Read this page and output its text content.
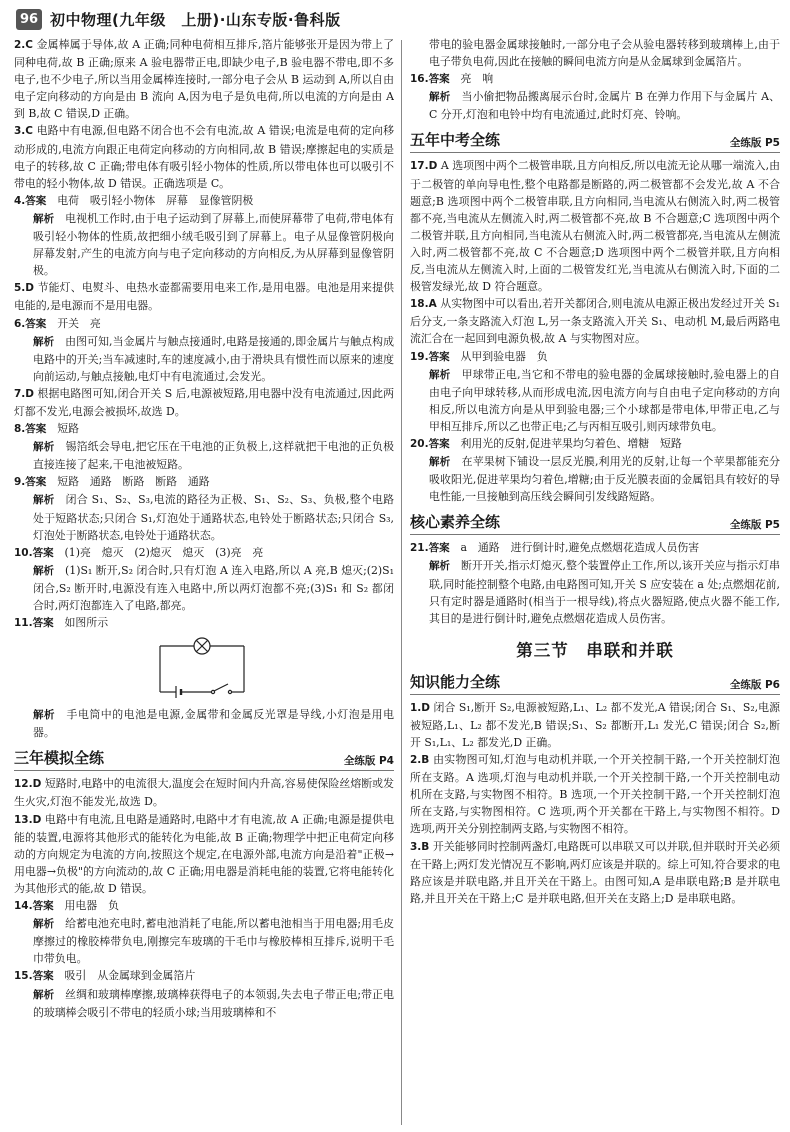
96 初中物理(九年级　上册)·山东专版·鲁科版

2.C 金属棒属于导体,故 A 正确;同种电荷相互排斥,箔片能够张开是因为带上了同种电荷,故 B 正确;原来 A 验电器带正电,即缺少电子,B 验电器不带电,即不多电子,也不少电子,所以当用金属棒连接时,一部分电子会从 B 运动到 A,所以自由电子定向移动的方向是由 B 流向 A,因为电子是负电荷,所以电流的方向是由 A 到 B,故 C 错误,D 正确。

3.C 电路中有电源,但电路不闭合也不会有电流,故 A 错误;电流是电荷的定向移动形成的,电流方向跟正电荷定向移动的方向相同,故 B 错误;摩擦起电的实质是电子的转移,故 C 正确;带电体有吸引轻小物体的性质,所以带电体也可以吸引不带电的轻小物体,故 D 错误。正确选项是 C。

4.答案　 电荷　吸引轻小物体　屏幕　显像管阴极

解析　 电视机工作时,由于电子运动到了屏幕上,而使屏幕带了电荷,带电体有吸引轻小物体的性质,故把细小绒毛吸引到了屏幕上。电子从显像管阴极向屏幕发射,产生的电流方向与电子定向移动的方向相反,为从屏幕到显像管阴极。

5.D 节能灯、电熨斗、电热水壶都需要用电来工作,是用电器。电池是用来提供电能的,是电源而不是用电器。

6.答案　 开关　亮

解析　 由图可知,当金属片与触点接通时,电路是接通的,即金属片与触点构成电路中的开关;当车减速时,车的速度减小,由于滑块具有惯性而以原来的速度向前运动,与触点接触,电灯中有电流通过,会发光。

7.D 根据电路图可知,闭合开关 S 后,电源被短路,用电器中没有电流通过,因此两灯都不发光,电源会被损坏,故选 D。

8.答案　 短路

解析　 锡箔纸会导电,把它压在干电池的正负极上,这样就把干电池的正负极直接连接了起来,干电池被短路。

9.答案　 短路　通路　断路　断路　通路

解析　 闭合 S₁、S₂、S₃,电流的路径为正极、S₁、S₂、S₃、负极,整个电路处于短路状态;只闭合 S₁,灯泡处于通路状态,电铃处于断路状态;只闭合 S₃,灯泡处于断路状态,电铃处于通路状态。

10.答案　 (1)亮　熄灭　(2)熄灭　熄灭　(3)亮　亮

解析　 (1)S₁ 断开,S₂ 闭合时,只有灯泡 A 连入电路,所以 A 亮,B 熄灭;(2)S₁ 闭合,S₂ 断开时,电源没有连入电路中,所以两灯泡都不亮;(3)S₁ 和 S₂ 都闭合时,两灯泡都连入了电路,都亮。

11.答案　 如图所示

解析　 手电筒中的电池是电源,金属带和金属反光罩是导线,小灯泡是用电器。

三年模拟全练	全练版 P4

12.D 短路时,电路中的电流很大,温度会在短时间内升高,容易使保险丝熔断或发生火灾,灯泡不能发光,故选 D。

13.D 电路中有电流,且电路是通路时,电路中才有电流,故 A 正确;电源是提供电能的装置,电源将其他形式的能转化为电能,故 B 正确;物理学中把正电荷定向移动的方向规定为电流的方向,按照这个规定,在电源外部,电流方向是沿着"正极→用电器→负极"的方向流动的,故 C 正确;用电器是消耗电能的装置,它将电能转化为其他形式的能,故 D 错误。

14.答案　 用电器　负

解析　 给蓄电池充电时,蓄电池消耗了电能,所以蓄电池相当于用电器;用毛皮摩擦过的橡胶棒带负电,刚擦完车玻璃的干毛巾与橡胶棒相互排斥,说明干毛巾带负电。

15.答案　 吸引　从金属球到金属箔片

解析　 丝绸和玻璃棒摩擦,玻璃棒获得电子的本领弱,失去电子带正电;带正电的玻璃棒会吸引不带电的轻质小球;当用玻璃棒和不

带电的验电器金属球接触时,一部分电子会从验电器转移到玻璃棒上,由于电子带负电荷,因此在接触的瞬间电流方向是从金属球到金属箔片。

16.答案　 亮　响

解析　 当小偷把物品搬离展示台时,金属片 B 在弹力作用下与金属片 A、C 分开,灯泡和电铃中均有电流通过,此时灯亮、铃响。

五年中考全练	全练版 P5

17.D A 选项图中两个二极管串联,且方向相反,所以电流无论从哪一端流入,由于二极管的单向导电性,整个电路都是断路的,两二极管都不会发光,故 A 不合题意;B 选项图中两个二极管串联,且方向相同,当电流从右侧流入时,两二极管都不亮,当电流从左侧流入时,两二极管都不亮,故 B 不合题意;C 选项图中两个二极管并联,且方向相同,当电流从右侧流入时,两二极管都亮,当电流从左侧流入时,两二极管都不亮,故 C 不合题意;D 选项图中两个二极管并联,且方向相反,当电流从左侧流入时,上面的二极管发红光,当电流从右侧流入时,下面的二极管发绿光,故 D 符合题意。

18.A 从实物图中可以看出,若开关都闭合,则电流从电源正极出发经过开关 S₁ 后分支,一条支路流入灯泡 L,另一条支路流入开关 S₁、电动机 M,最后两路电流汇合在一起回到电源负极,故 A 与实物图对应。

19.答案　 从甲到验电器　负

解析　 甲球带正电,当它和不带电的验电器的金属球接触时,验电器上的自由电子向甲球转移,从而形成电流,因电流方向与自由电子定向移动的方向相反,所以电流方向是从甲到验电器;三个小球都是带电体,甲带正电,乙与甲相互排斥,所以乙也带正电;乙与丙相互吸引,则丙球带负电。

20.答案　 利用光的反射,促进苹果均匀着色、增糖　短路

解析　 在苹果树下铺设一层反光膜,利用光的反射,让每一个苹果都能充分吸收阳光,促进苹果均匀着色,增糖;由于反光膜表面的金属铝具有较好的导电性能,一旦接触到高压线会瞬间引发线路短路。

核心素养全练	全练版 P5

21.答案　 a　通路　进行倒计时,避免点燃烟花造成人员伤害

解析　 断开开关,指示灯熄灭,整个装置停止工作,所以,该开关应与指示灯串联,同时能控制整个电路,由电路图可知,开关 S 应安装在 a 处;点燃烟花前,只有定时器是通路时(相当于一根导线),将点火器短路,使点火器不能工作,其目的是进行倒计时,避免点燃烟花造成人员伤害。

第三节　串联和并联
知识能力全练	全练版 P6

1.D 闭合 S₁,断开 S₂,电源被短路,L₁、L₂ 都不发光,A 错误;闭合 S₁、S₂,电源被短路,L₁、L₂ 都不发光,B 错误;S₁、S₂ 都断开,L₁ 发光,C 错误;闭合 S₂,断开 S₁,L₁、L₂ 都发光,D 正确。

2.B 由实物图可知,灯泡与电动机并联,一个开关控制干路,一个开关控制灯泡所在支路。A 选项,灯泡与电动机并联,一个开关控制干路,一个开关控制电动机所在支路,与实物图不相符。B 选项,一个开关控制干路,一个开关控制灯泡所在支路,与实物图相符。C 选项,两个开关都在干路上,与实物图不相符。D 选项,两开关分别控制两支路,与实物图不相符。

3.B 开关能够同时控制两盏灯,电路既可以串联又可以并联,但并联时开关必须在干路上;两灯发光情况互不影响,两灯应该是并联的。综上可知,符合要求的电路应该是并联电路,并且开关在干路上。由图可知,A 是串联电路;B 是并联电路,并且开关在干路上;C 是并联电路,但开关在支路上;D 是串联电路。
